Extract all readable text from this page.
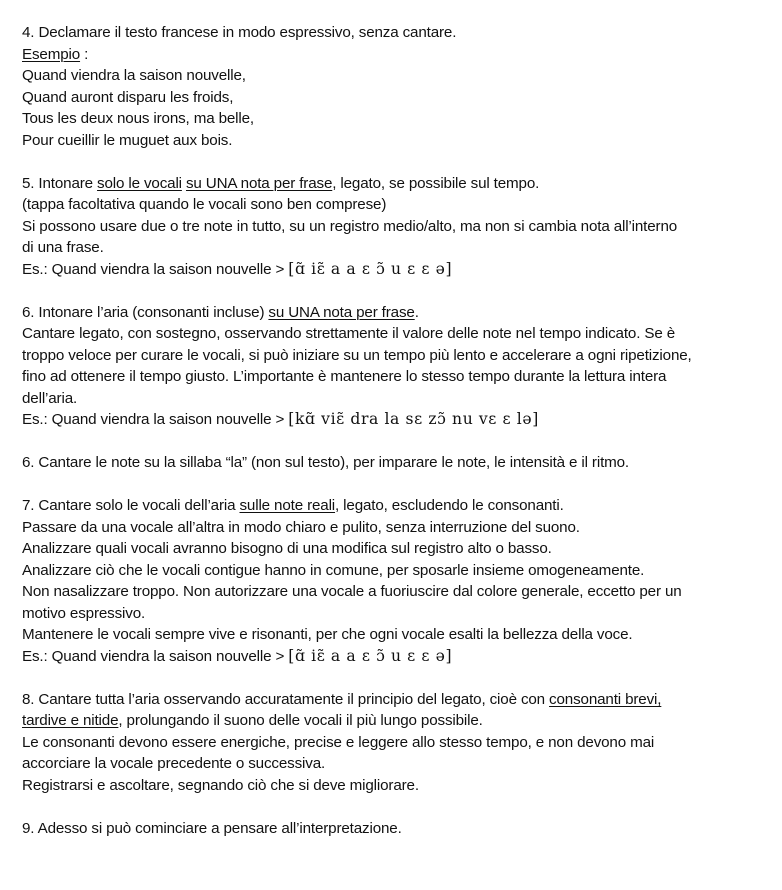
4. Declamare il testo francese in modo espressivo, senza cantare.
Esempio :
Quand viendra la saison nouvelle,
Quand auront disparu les froids,
Tous les deux nous irons, ma belle,
Pour cueillir le muguet aux bois.
5. Intonare solo le vocali su UNA nota per frase, legato, se possibile sul tempo.
(tappa facoltativa quando le vocali sono ben comprese)
Si possono usare due o tre note in tutto, su un registro medio/alto, ma non si cambia nota all’interno
di una frase.
Es.: Quand viendra la saison nouvelle > [ɑ̃ iɛ̃ a a ɛ ɔ̃ u ɛ ɛ ə]
6. Intonare l’aria (consonanti incluse) su UNA nota per frase.
Cantare legato, con sostegno, osservando strettamente il valore delle note nel tempo indicato. Se è
troppo veloce per curare le vocali, si può iniziare su un tempo più lento e accelerare a ogni ripetizione,
fino ad ottenere il tempo giusto. L’importante è mantenere lo stesso tempo durante la lettura intera
dell’aria.
Es.: Quand viendra la saison nouvelle > [kɑ̃ viɛ̃ dra la sɛ zɔ̃ nu vɛ ɛ lə]
6. Cantare le note su la sillaba “la” (non sul testo), per imparare le note, le intensità e il ritmo.
7. Cantare solo le vocali dell’aria sulle note reali, legato, escludendo le consonanti.
Passare da una vocale all’altra in modo chiaro e pulito, senza interruzione del suono.
Analizzare quali vocali avranno bisogno di una modifica sul registro alto o basso.
Analizzare ciò che le vocali contigue hanno in comune, per sposarle insieme omogeneamente.
Non nasalizzare troppo. Non autorizzare una vocale a fuoriuscire dal colore generale, eccetto per un
motivo espressivo.
Mantenere le vocali sempre vive e risonanti, per che ogni vocale esalti la bellezza della voce.
Es.: Quand viendra la saison nouvelle > [ɑ̃ iɛ̃ a a ɛ ɔ̃ u ɛ ɛ ə]
8. Cantare tutta l’aria osservando accuratamente il principio del legato, cioè con consonanti brevi,
tardive e nitide, prolungando il suono delle vocali il più lungo possibile.
Le consonanti devono essere energiche, precise e leggere allo stesso tempo, e non devono mai
accorciare la vocale precedente o successiva.
Registrarsi e ascoltare, segnando ciò che si deve migliorare.
9. Adesso si può cominciare a pensare all’interpretazione.
